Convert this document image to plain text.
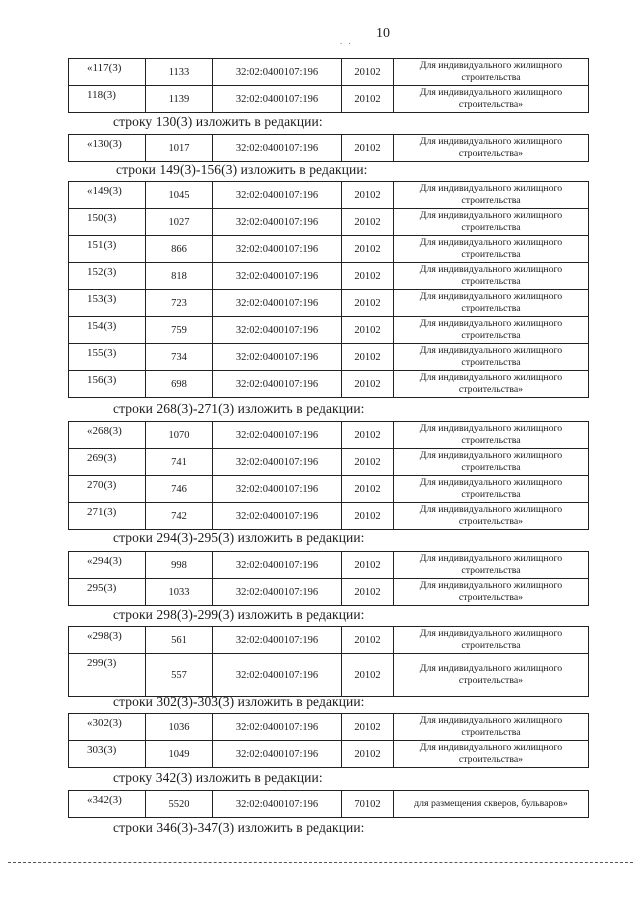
10
. .
«117(3)	1133	32:02:0400107:196	20102	Для индивидуального жилищного строительства
118(3)	1139	32:02:0400107:196	20102	Для индивидуального жилищного строительства»
строку 130(3) изложить в редакции:
«130(3)	1017	32:02:0400107:196	20102	Для индивидуального жилищного строительства»
строки 149(3)-156(3) изложить в редакции:
«149(3)	1045	32:02:0400107:196	20102	Для индивидуального жилищного строительства
150(3)	1027	32:02:0400107:196	20102	Для индивидуального жилищного строительства
151(3)	866	32:02:0400107:196	20102	Для индивидуального жилищного строительства
152(3)	818	32:02:0400107:196	20102	Для индивидуального жилищного строительства
153(3)	723	32:02:0400107:196	20102	Для индивидуального жилищного строительства
154(3)	759	32:02:0400107:196	20102	Для индивидуального жилищного строительства
155(3)	734	32:02:0400107:196	20102	Для индивидуального жилищного строительства
156(3)	698	32:02:0400107:196	20102	Для индивидуального жилищного строительства»
строки 268(3)-271(3) изложить в редакции:
«268(3)	1070	32:02:0400107:196	20102	Для индивидуального жилищного строительства
269(3)	741	32:02:0400107:196	20102	Для индивидуального жилищного строительства
270(3)	746	32:02:0400107:196	20102	Для индивидуального жилищного строительства
271(3)	742	32:02:0400107:196	20102	Для индивидуального жилищного строительства»
строки 294(3)-295(3) изложить в редакции:
«294(3)	998	32:02:0400107:196	20102	Для индивидуального жилищного строительства
295(3)	1033	32:02:0400107:196	20102	Для индивидуального жилищного строительства»
строки 298(3)-299(3) изложить в редакции:
«298(3)	561	32:02:0400107:196	20102	Для индивидуального жилищного строительства
299(3)	557	32:02:0400107:196	20102	Для индивидуального жилищного строительства»
строки 302(3)-303(3) изложить в редакции:
«302(3)	1036	32:02:0400107:196	20102	Для индивидуального жилищного строительства
303(3)	1049	32:02:0400107:196	20102	Для индивидуального жилищного строительства»
строку 342(3) изложить в редакции:
«342(3)	5520	32:02:0400107:196	70102	для размещения скверов, бульваров»
строки 346(3)-347(3) изложить в редакции:
